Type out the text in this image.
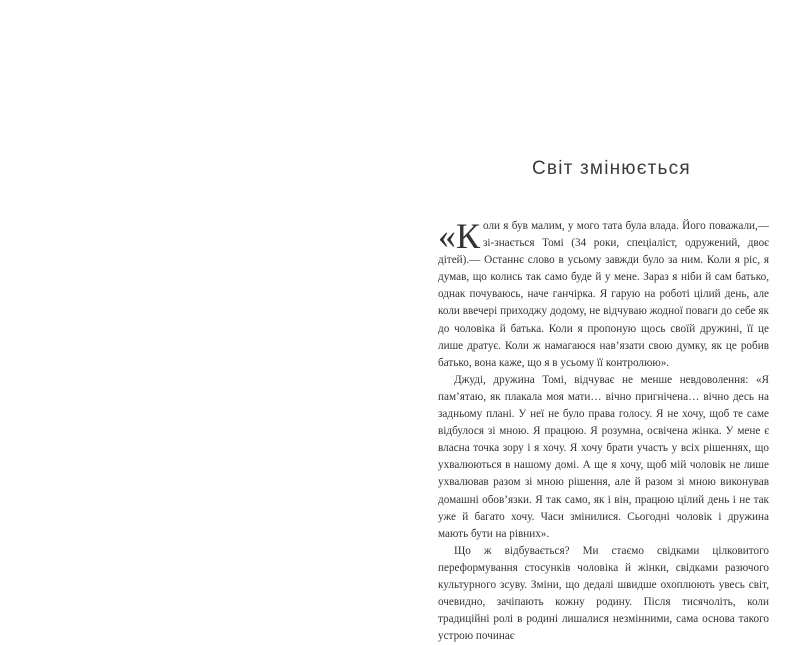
Світ змінюється

«К оли я був малим, у мого тата була влада. Його поважали,— зі-знається Томі (34 роки, спеціаліст, одружений, двоє дітей).— Останнє слово в усьому завжди було за ним. Коли я ріс, я думав, що колись так само буде й у мене. Зараз я ніби й сам батько, однак почуваюсь, наче ганчірка. Я гарую на роботі цілий день, але коли ввечері приходжу додому, не відчуваю жодної поваги до себе як до чоловіка й батька. Коли я пропоную щось своїй дружині, її це лише дратує. Коли ж намагаюся нав’язати свою думку, як це робив батько, вона каже, що я в усьому її контролюю».

Джуді, дружина Томі, відчуває не менше невдоволення: «Я пам’ятаю, як плакала моя мати… вічно пригнічена… вічно десь на задньому плані. У неї не було права голосу. Я не хочу, щоб те саме відбулося зі мною. Я працюю. Я розумна, освічена жінка. У мене є власна точка зору і я хочу. Я хочу брати участь у всіх рішеннях, що ухвалюються в нашому домі. А ще я хочу, щоб мій чоловік не лише ухвалював разом зі мною рішення, але й разом зі мною виконував домашні обов’язки. Я так само, як і він, працюю цілий день і не так уже й багато хочу. Часи змінилися. Сьогодні чоловік і дружина мають бути на рівних».

Що ж відбувається? Ми стаємо свідками цілковитого переформування стосунків чоловіка й жінки, свідками разючого культурного зсуву. Зміни, що дедалі швидше охоплюють увесь світ, очевидно, зачіпають кожну родину. Після тисячоліть, коли традиційні ролі в родині лишалися незмінними, сама основа такого устрою починає
